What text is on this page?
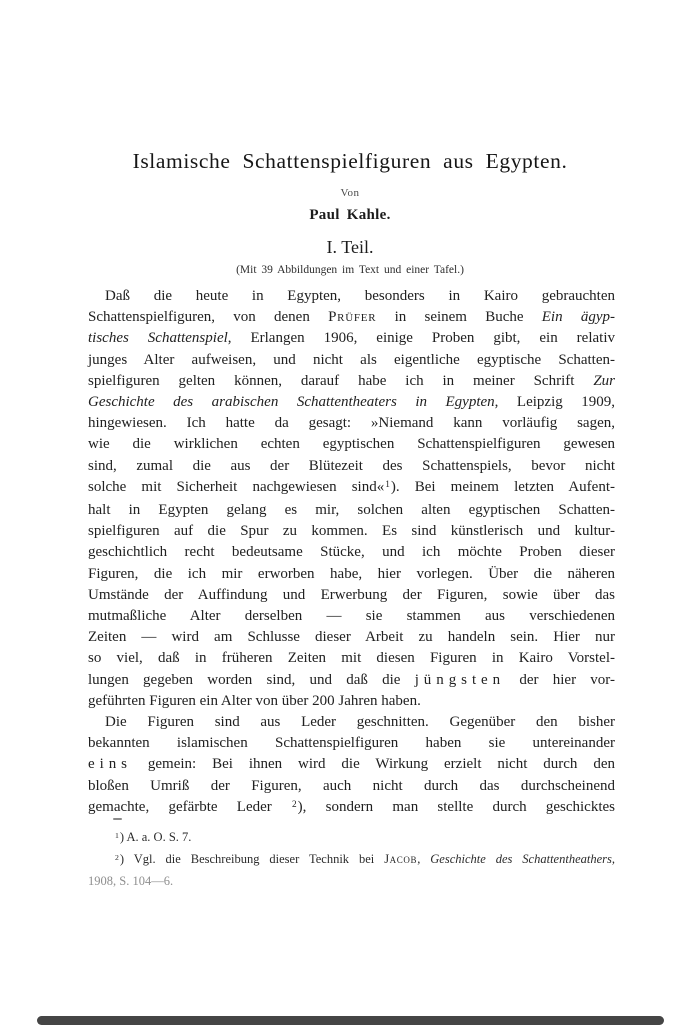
Islamische Schattenspielfiguren aus Egypten.
Von
Paul Kahle.
I. Teil.
(Mit 39 Abbildungen im Text und einer Tafel.)
Daß die heute in Egypten, besonders in Kairo gebrauchten
Schattenspielfiguren, von denen Prüfer in seinem Buche Ein ägyp-
tisches Schattenspiel, Erlangen 1906, einige Proben gibt, ein relativ
junges Alter aufweisen, und nicht als eigentliche egyptische Schatten-
spielfiguren gelten können, darauf habe ich in meiner Schrift Zur
Geschichte des arabischen Schattentheaters in Egypten, Leipzig 1909,
hingewiesen. Ich hatte da gesagt: »Niemand kann vorläufig sagen,
wie die wirklichen echten egyptischen Schattenspielfiguren gewesen
sind, zumal die aus der Blütezeit des Schattenspiels, bevor nicht
solche mit Sicherheit nachgewiesen sind«$^1$). Bei meinem letzten Aufent-
halt in Egypten gelang es mir, solchen alten egyptischen Schatten-
spielfiguren auf die Spur zu kommen. Es sind künstlerisch und kultur-
geschichtlich recht bedeutsame Stücke, und ich möchte Proben dieser
Figuren, die ich mir erworben habe, hier vorlegen. Über die näheren
Umstände der Auffindung und Erwerbung der Figuren, sowie über das
mutmaßliche Alter derselben — sie stammen aus verschiedenen
Zeiten — wird am Schlusse dieser Arbeit zu handeln sein. Hier nur
so viel, daß in früheren Zeiten mit diesen Figuren in Kairo Vorstel-
lungen gegeben worden sind, und daß die jüngsten der hier vor-
geführten Figuren ein Alter von über 200 Jahren haben.
Die Figuren sind aus Leder geschnitten. Gegenüber den bisher
bekannten islamischen Schattenspielfiguren haben sie untereinander
eins gemein: Bei ihnen wird die Wirkung erzielt nicht durch den
bloßen Umriß der Figuren, auch nicht durch das durchscheinend
gemachte, gefärbte Leder $^2$), sondern man stellte durch geschicktes
$^1$) A. a. O. S. 7.
$^2$) Vgl. die Beschreibung dieser Technik bei Jacob, Geschichte des Schattentheathers,
1908, S. 104—6.
